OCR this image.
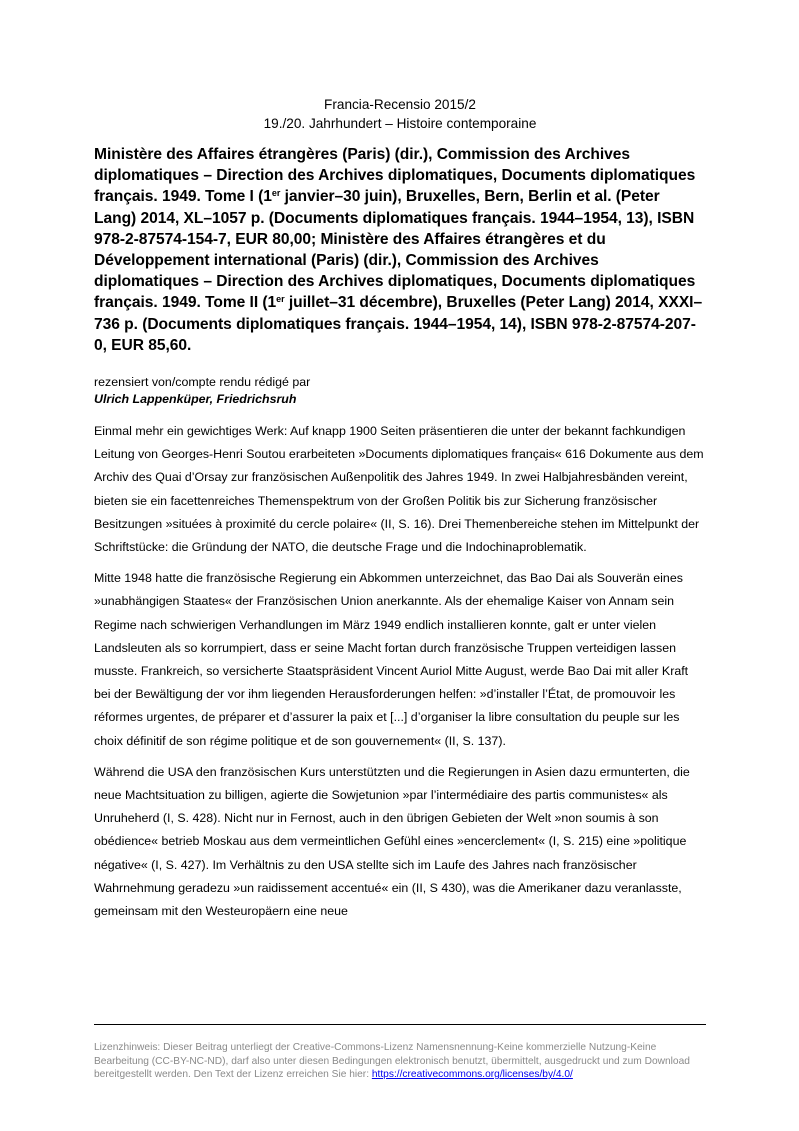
Francia-Recensio 2015/2
19./20. Jahrhundert – Histoire contemporaine
Ministère des Affaires étrangères (Paris) (dir.), Commission des Archives diplomatiques – Direction des Archives diplomatiques, Documents diplomatiques français. 1949. Tome I (1er janvier–30 juin), Bruxelles, Bern, Berlin et al. (Peter Lang) 2014, XL–1057 p. (Documents diplomatiques français. 1944–1954, 13), ISBN 978-2-87574-154-7, EUR 80,00; Ministère des Affaires étrangères et du Développement international (Paris) (dir.), Commission des Archives diplomatiques – Direction des Archives diplomatiques, Documents diplomatiques français. 1949. Tome II (1er juillet–31 décembre), Bruxelles (Peter Lang) 2014, XXXI–736 p. (Documents diplomatiques français. 1944–1954, 14), ISBN 978-2-87574-207-0, EUR 85,60.
rezensiert von/compte rendu rédigé par
Ulrich Lappenküper, Friedrichsruh

Einmal mehr ein gewichtiges Werk: Auf knapp 1900 Seiten präsentieren die unter der bekannt fachkundigen Leitung von Georges-Henri Soutou erarbeiteten »Documents diplomatiques français« 616 Dokumente aus dem Archiv des Quai d’Orsay zur französischen Außenpolitik des Jahres 1949. In zwei Halbjahresbänden vereint, bieten sie ein facettenreiches Themenspektrum von der Großen Politik bis zur Sicherung französischer Besitzungen »situées à proximité du cercle polaire« (II, S. 16). Drei Themenbereiche stehen im Mittelpunkt der Schriftstücke: die Gründung der NATO, die deutsche Frage und die Indochinaproblematik.

Mitte 1948 hatte die französische Regierung ein Abkommen unterzeichnet, das Bao Dai als Souverän eines »unabhängigen Staates« der Französischen Union anerkannte. Als der ehemalige Kaiser von Annam sein Regime nach schwierigen Verhandlungen im März 1949 endlich installieren konnte, galt er unter vielen Landsleuten als so korrumpiert, dass er seine Macht fortan durch französische Truppen verteidigen lassen musste. Frankreich, so versicherte Staatspräsident Vincent Auriol Mitte August, werde Bao Dai mit aller Kraft bei der Bewältigung der vor ihm liegenden Herausforderungen helfen: »d’installer l’État, de promouvoir les réformes urgentes, de préparer et d’assurer la paix et [...] d’organiser la libre consultation du peuple sur les choix définitif de son régime politique et de son gouvernement« (II, S. 137).

Während die USA den französischen Kurs unterstützten und die Regierungen in Asien dazu ermunterten, die neue Machtsituation zu billigen, agierte die Sowjetunion »par l’intermédiaire des partis communistes« als Unruheherd (I, S. 428). Nicht nur in Fernost, auch in den übrigen Gebieten der Welt »non soumis à son obédience« betrieb Moskau aus dem vermeintlichen Gefühl eines »encerclement« (I, S. 215) eine »politique négative« (I, S. 427). Im Verhältnis zu den USA stellte sich im Laufe des Jahres nach französischer Wahrnehmung geradezu »un raidissement accentué« ein (II, S 430), was die Amerikaner dazu veranlasste, gemeinsam mit den Westeuropäern eine neue

Lizenzhinweis: Dieser Beitrag unterliegt der Creative-Commons-Lizenz Namensnennung-Keine kommerzielle Nutzung-Keine Bearbeitung (CC-BY-NC-ND), darf also unter diesen Bedingungen elektronisch benutzt, übermittelt, ausgedruckt und zum Download bereitgestellt werden. Den Text der Lizenz erreichen Sie hier: https://creativecommons.org/licenses/by/4.0/
